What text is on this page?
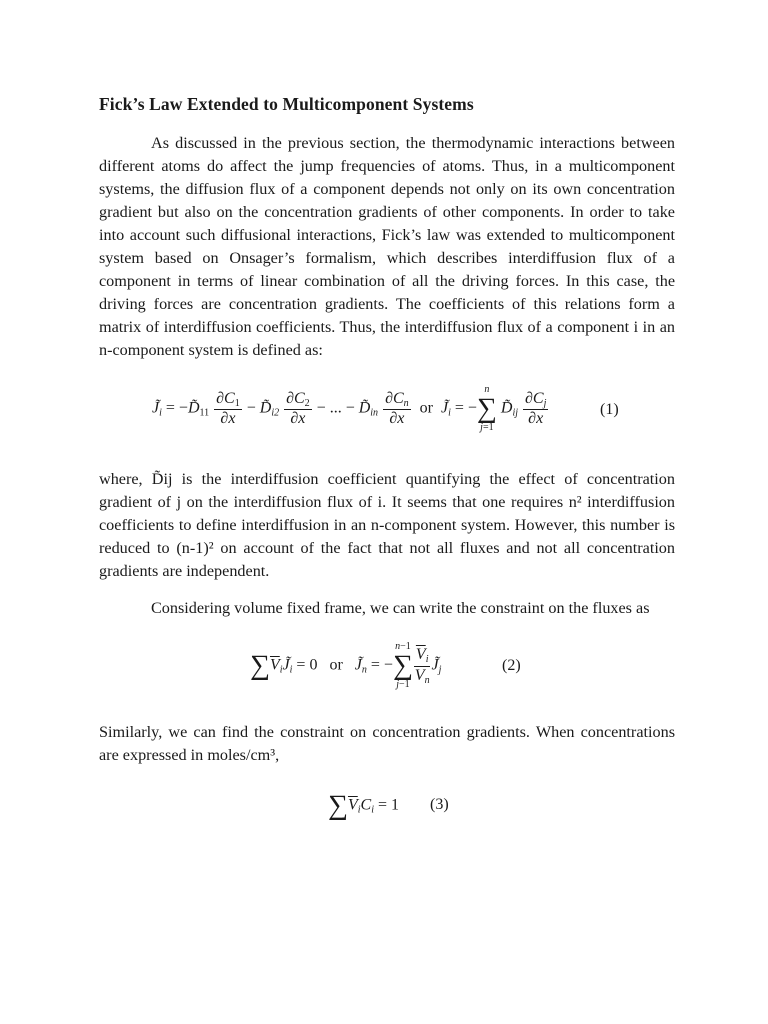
Fick’s Law Extended to Multicomponent Systems

As discussed in the previous section, the thermodynamic interactions between different atoms do affect the jump frequencies of atoms. Thus, in a multicomponent systems, the diffusion flux of a component depends not only on its own concentration gradient but also on the concentration gradients of other components. In order to take into account such diffusional interactions, Fick’s law was extended to multicomponent system based on Onsager’s formalism, which describes interdiffusion flux of a component in terms of linear combination of all the driving forces. In this case, the driving forces are concentration gradients. The coefficients of this relations form a matrix of interdiffusion coefficients. Thus, the interdiffusion flux of a component i in an n-component system is defined as:

$J̃_i$ = $-D̃_{11} \frac{\partial C_1}{\partial x}$ − $D̃_{i2} \frac{\partial C_2}{\partial x}$ − ... − $D̃_{in} \frac{\partial C_n}{\partial x}$ or $J̃_i = -n$
∑
j=1 $D̃_{ij} \frac{\partial C_j}{\partial x}$	(1)

where, D̃ij is the interdiffusion coefficient quantifying the effect of concentration gradient of j on the interdiffusion flux of i. It seems that one requires n² interdiffusion coefficients to define interdiffusion in an n-component system. However, this number is reduced to (n-1)² on account of the fact that not all fluxes and not all concentration gradients are independent.

Considering volume fixed frame, we can write the constraint on the fluxes as

$\sum\overline{V}_iJ̃_i = 0$   or $J̃_n = -n-1$
∑
$j-1 \frac{\overline{V}_i}{\overline{V}_n}$ $J̃_j$	(2)

Similarly, we can find the constraint on concentration gradients. When concentrations are expressed in moles/cm³,

$\sum\overline{V}_iC_i = 1$ (3)
